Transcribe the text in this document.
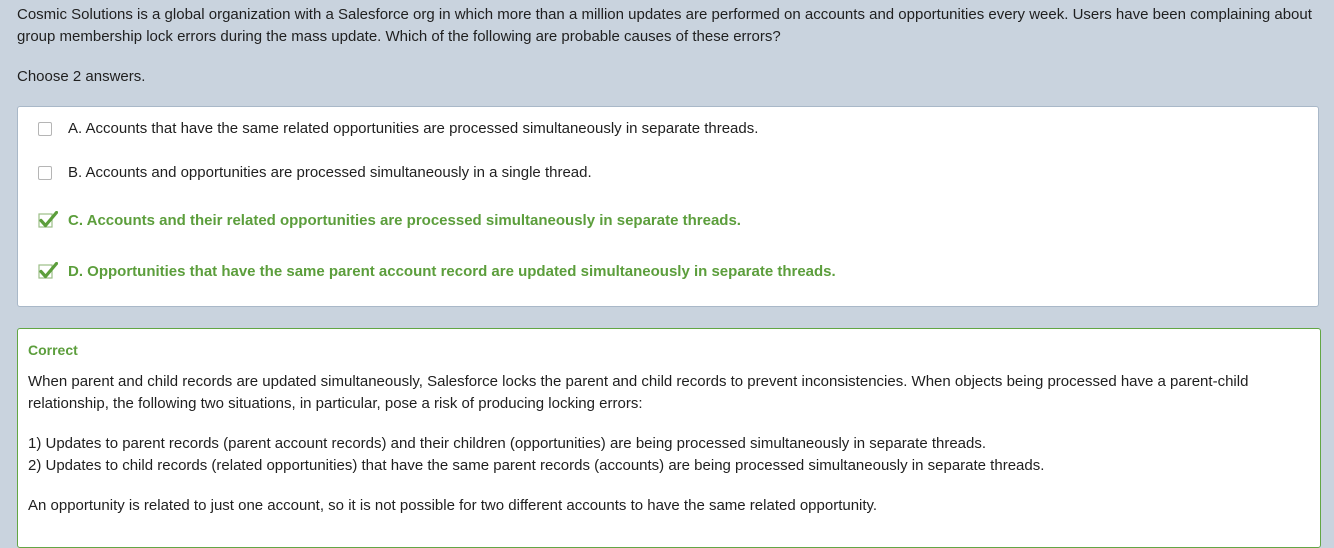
Cosmic Solutions is a global organization with a Salesforce org in which more than a million updates are performed on accounts and opportunities every week. Users have been complaining about group membership lock errors during the mass update. Which of the following are probable causes of these errors?
Choose 2 answers.
A. Accounts that have the same related opportunities are processed simultaneously in separate threads.
B. Accounts and opportunities are processed simultaneously in a single thread.
C. Accounts and their related opportunities are processed simultaneously in separate threads.
D. Opportunities that have the same parent account record are updated simultaneously in separate threads.
Correct

When parent and child records are updated simultaneously, Salesforce locks the parent and child records to prevent inconsistencies. When objects being processed have a parent-child relationship, the following two situations, in particular, pose a risk of producing locking errors:

1) Updates to parent records (parent account records) and their children (opportunities) are being processed simultaneously in separate threads.

2) Updates to child records (related opportunities) that have the same parent records (accounts) are being processed simultaneously in separate threads.

An opportunity is related to just one account, so it is not possible for two different accounts to have the same related opportunity.
